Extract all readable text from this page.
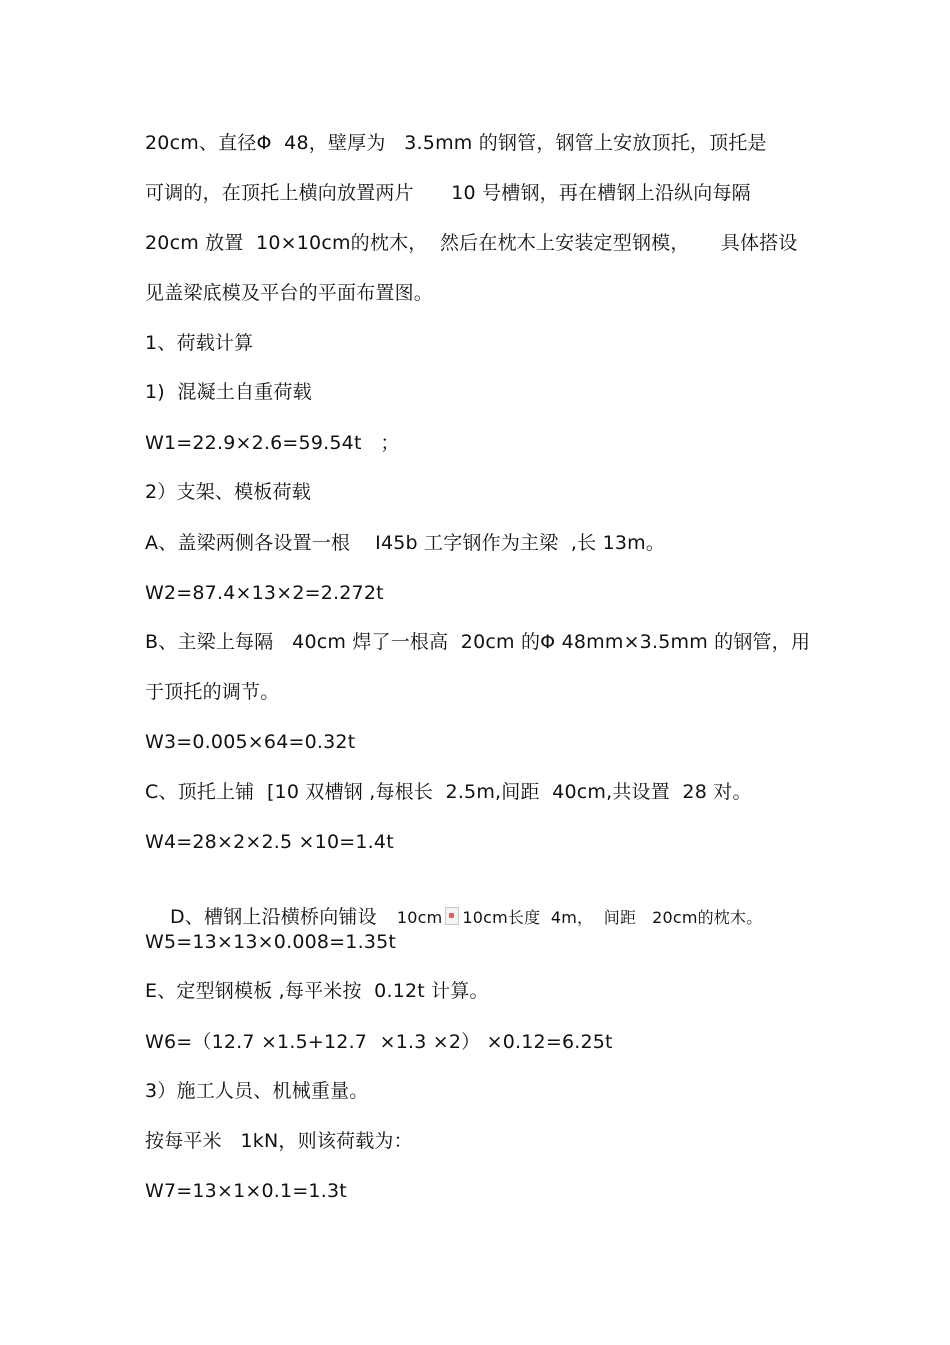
20cm、直径Φ  48，壁厚为   3.5mm 的钢管，钢管上安放顶托，顶托是
可调的，在顶托上横向放置两片      10 号槽钢，再在槽钢上沿纵向每隔
20cm 放置  10×10cm的枕木，  然后在枕木上安装定型钢模，     具体搭设
见盖梁底模及平台的平面布置图。
1、荷载计算
1)  混凝土自重荷载
W1=22.9×2.6=59.54t   ；
2）支架、模板荷载
A、盖梁两侧各设置一根    I45b 工字钢作为主梁  ,长 13m。
W2=87.4×13×2=2.272t
B、主梁上每隔   40cm 焊了一根高  20cm 的Φ 48mm×3.5mm 的钢管，用
于顶托的调节。
W3=0.005×64=0.32t
C、顶托上铺  [10 双槽钢 ,每根长  2.5m,间距  40cm,共设置  28 对。
W4=28×2×2.5 ×10=1.4t

D、槽钢上沿横桥向铺设 10cm 10cm长度  4m，  间距   20cm的枕木。

W5=13×13×0.008=1.35t
E、定型钢模板 ,每平米按  0.12t 计算。
W6=（12.7 ×1.5+12.7  ×1.3 ×2） ×0.12=6.25t
3）施工人员、机械重量。
按每平米   1kN，则该荷载为：
W7=13×1×0.1=1.3t
